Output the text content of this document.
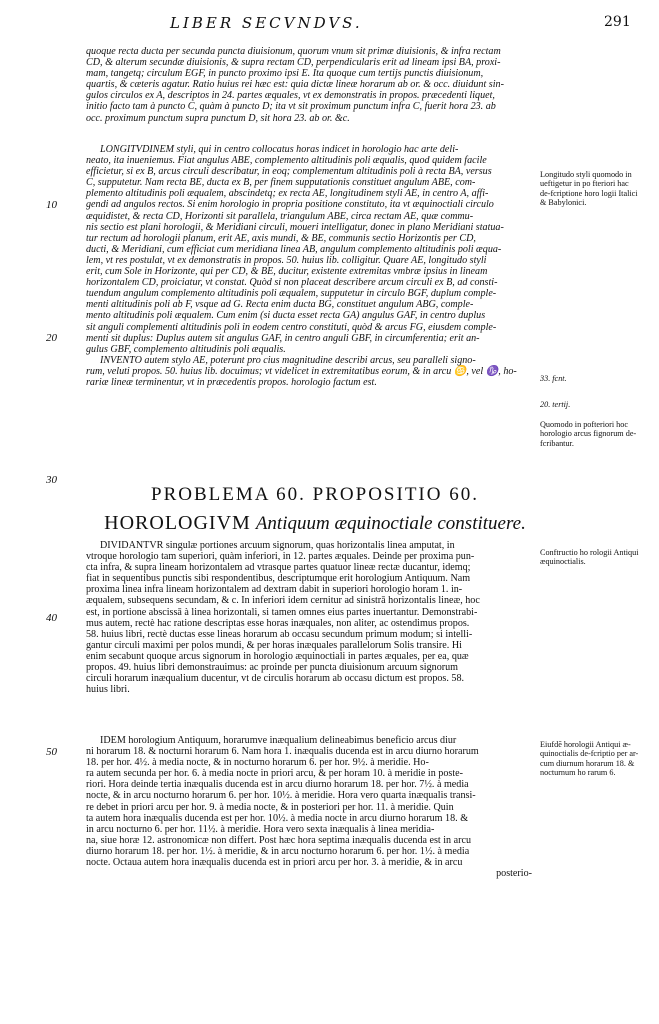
LIBER SECVNDVS.	291

quoque recta ducta per secunda puncta diuisionum, quorum vnum sit primæ diuisionis, & infra rectam

CD, & alterum secundæ diuisionis, & supra rectam CD, perpendicularis erit ad lineam ipsi BA, proxi-

mam, tangetq; circulum EGF, in puncto proximo ipsi E. Ita quoque cum tertijs punctis diuisionum,

quartis, & cæteris agatur. Ratio huius rei hæc est: quia dictæ lineæ horarum ab or. & occ. diuidunt sin-

gulos circulos ex A, descriptos in 24. partes æquales, vt ex demonstratis in propos. præcedenti liquet,

initio facto tam à puncto C, quàm à puncto D; ita vt sit proximum punctum infra C, fuerit hora 23. ab

occ. proximum punctum supra punctum D, sit hora 23. ab or. &c.

LONGITVDINEM styli, qui in centro collocatus horas indicet in horologio hac arte deli-

neato, ita inueniemus. Fiat angulus ABE, complemento altitudinis poli æqualis, quod quidem facile

efficietur, si ex B, arcus circuli describatur, in eoq; complementum altitudinis poli à recta BA, versus

C, supputetur. Nam recta BE, ducta ex B, per finem supputationis constituet angulum ABE, com-

plemento altitudinis poli æqualem, abscindetq; ex recta AE, longitudinem styli AE, in centro A, affi-

gendi ad angulos rectos. Si enim horologio in propria positione constituto, ita vt æquinoctiali circulo

æquidistet, & recta CD, Horizonti sit parallela, triangulum ABE, circa rectam AE, quæ commu-

nis sectio est plani horologii, & Meridiani circuli, moueri intelligatur, donec in plano Meridiani statua-

tur rectum ad horologii planum, erit AE, axis mundi, & BE, communis sectio Horizontis per CD,

ducti, & Meridiani, cum efficiat cum meridiana linea AB, angulum complemento altitudinis poli æqua-

lem, vt res postulat, vt ex demonstratis in propos. 50. huius lib. colligitur. Quare AE, longitudo styli

erit, cum Sole in Horizonte, qui per CD, & BE, ducitur, existente extremitas vmbræ ipsius in lineam

horizontalem CD, proiciatur, vt constat. Quòd si non placeat describere arcum circuli ex B, ad consti-

tuendum angulum complemento altitudinis poli æqualem, supputetur in circulo BGF, duplum comple-

menti altitudinis poli ab F, vsque ad G. Recta enim ducta BG, constituet angulum ABG, comple-

mento altitudinis poli æqualem. Cum enim (si ducta esset recta GA) angulus GAF, in centro duplus

sit anguli complementi altitudinis poli in eodem centro constituti, quòd & arcus FG, eiusdem comple-

menti sit duplus: Duplus autem sit angulus GAF, in centro anguli GBF, in circumferentia; erit an-

gulus GBF, complemento altitudinis poli æqualis.

INVENTO autem stylo AE, poterunt pro cius magnitudine describi arcus, seu paralleli signo-

rum, veluti propos. 50. huius lib. docuimus; vt videlicet in extremitatibus eorum, & in arcu ♋, vel ♑, ho-

rariæ lineæ terminentur, vt in præcedentis propos. horologio factum est.

10
20
30
40
50
PROBLEMA 60. PROPOSITIO 60.
HOROLOGIVM Antiquum æquinoctiale constituere.

DIVIDANTVR singulæ portiones arcuum signorum, quas horizontalis linea amputat, in

vtroque horologio tam superiori, quàm inferiori, in 12. partes æquales. Deinde per proxima pun-

cta infra, & supra lineam horizontalem ad vtrasque partes quatuor lineæ rectæ ducantur, idemq;

fiat in sequentibus punctis sibi respondentibus, descriptumque erit horologium Antiquum. Nam

proxima linea infra lineam horizontalem ad dextram dabit in superiori horologio horam 1. in-

æqualem, subsequens secundam, & c. In inferiori idem cernitur ad sinistrā horizontalis lineæ, hoc

est, in portione abscissā à linea horizontali, si tamen omnes eius partes inuertantur. Demonstrabi-

mus autem, rectè hac ratione descriptas esse horas inæquales, non aliter, ac ostendimus propos.

58. huius libri, rectè ductas esse lineas horarum ab occasu secundum primum modum; si intelli-

gantur circuli maximi per polos mundi, & per horas inæquales parallelorum Solis transire. Hi

enim secabunt quoque arcus signorum in horologio æquinoctiali in partes æquales, per ea, quæ

propos. 49. huius libri demonstrauimus: ac proinde per puncta diuisionum arcuum signorum

circuli horarum inæqualium ducentur, vt de circulis horarum ab occasu dictum est propos. 58.

huius libri.

IDEM horologium Antiquum, horarumve inæqualium delineabimus beneficio arcus diur

ni horarum 18. & nocturni horarum 6. Nam hora 1. inæqualis ducenda est in arcu diurno horarum

18. per hor. 4½. à media nocte, & in nocturno horarum 6. per hor. 9½. à meridie. Ho-

ra autem secunda per hor. 6. à media nocte in priori arcu, & per horam 10. à meridie in poste-

riori. Hora deinde tertia inæqualis ducenda est in arcu diurno horarum 18. per hor. 7½. à media

nocte, & in arcu nocturno horarum 6. per hor. 10½. à meridie. Hora vero quarta inæqualis transi-

re debet in priori arcu per hor. 9. à media nocte, & in posteriori per hor. 11. à meridie. Quin

ta autem hora inæqualis ducenda est per hor. 10½. à media nocte in arcu diurno horarum 18. &

in arcu nocturno 6. per hor. 11½. à meridie. Hora vero sexta inæqualis à linea meridia-

na, siue horæ 12. astronomicæ non differt. Post hæc hora septima inæqualis ducenda est in arcu

diurno horarum 18. per hor. 1½. à meridie, & in arcu nocturno horarum 6. per hor. 1½. à media

nocte. Octaua autem hora inæqualis ducenda est in priori arcu per hor. 3. à meridie, & in arcu

posterio-

Longitudo styli quomodo in ueftigetur in po fteriori hac de-fcriptione horo logii Italici & Babylonici.
33. fcnt.
20. tertij.
Quomodo in pofteriori hoc horologio arcus fignorum de-fcribantur.
Conftructio ho rologii Antiqui æquinoctialis.
Eiufdē horologii Antiqui æ-quinoctialis de-fcriptio per ar-cum diurnum horarum 18. & nocturnum ho rarum 6.
